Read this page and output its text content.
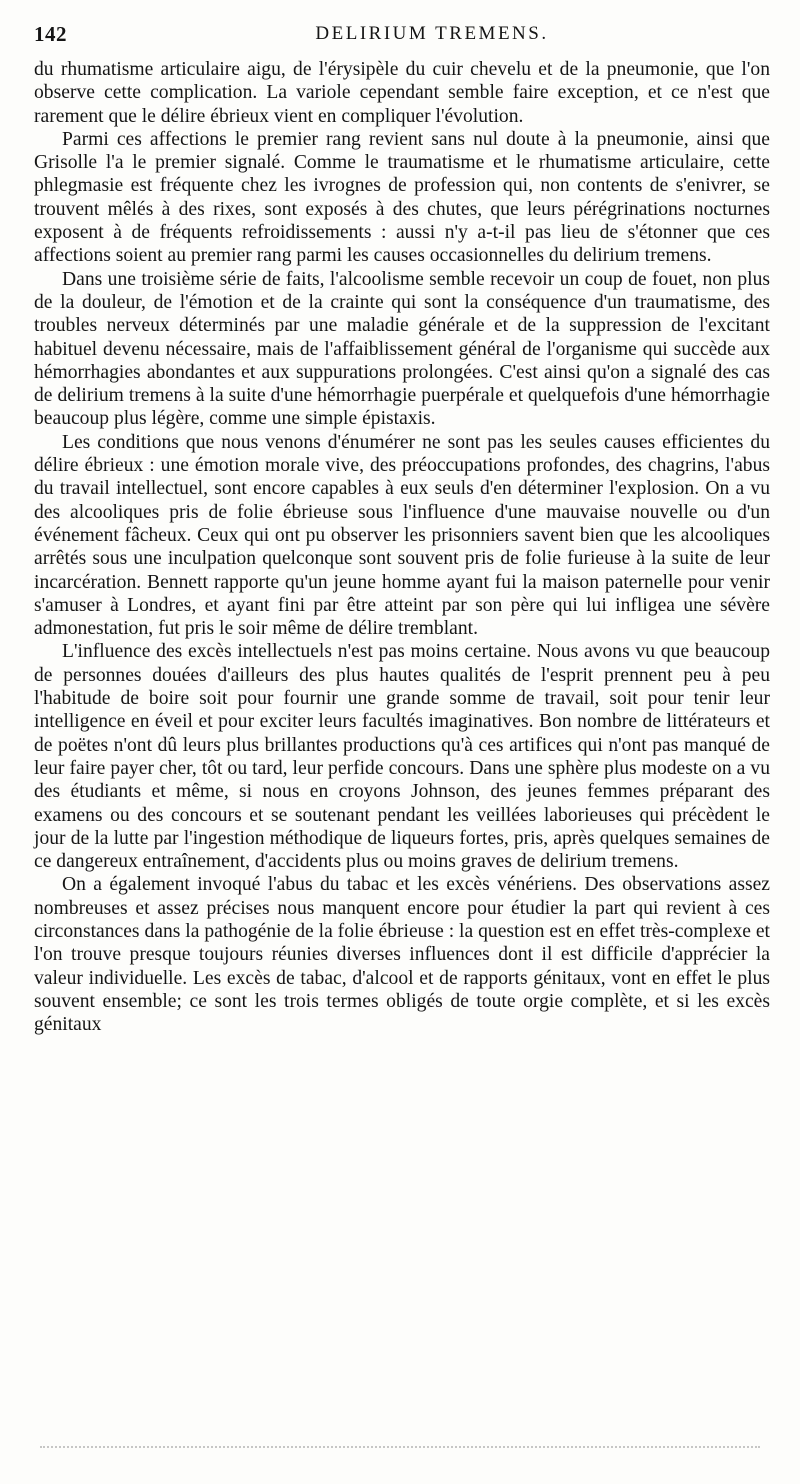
142	DELIRIUM TREMENS.

du rhumatisme articulaire aigu, de l'érysipèle du cuir chevelu et de la pneumonie, que l'on observe cette complication. La variole cependant semble faire exception, et ce n'est que rarement que le délire ébrieux vient en compliquer l'évolution.

Parmi ces affections le premier rang revient sans nul doute à la pneumonie, ainsi que Grisolle l'a le premier signalé. Comme le traumatisme et le rhumatisme articulaire, cette phlegmasie est fréquente chez les ivrognes de profession qui, non contents de s'enivrer, se trouvent mêlés à des rixes, sont exposés à des chutes, que leurs pérégrinations nocturnes exposent à de fréquents refroidissements : aussi n'y a-t-il pas lieu de s'étonner que ces affections soient au premier rang parmi les causes occasionnelles du delirium tremens.

Dans une troisième série de faits, l'alcoolisme semble recevoir un coup de fouet, non plus de la douleur, de l'émotion et de la crainte qui sont la conséquence d'un traumatisme, des troubles nerveux déterminés par une maladie générale et de la suppression de l'excitant habituel devenu nécessaire, mais de l'affaiblissement général de l'organisme qui succède aux hémorrhagies abondantes et aux suppurations prolongées. C'est ainsi qu'on a signalé des cas de delirium tremens à la suite d'une hémorrhagie puerpérale et quelquefois d'une hémorrhagie beaucoup plus légère, comme une simple épistaxis.

Les conditions que nous venons d'énumérer ne sont pas les seules causes efficientes du délire ébrieux : une émotion morale vive, des préoccupations profondes, des chagrins, l'abus du travail intellectuel, sont encore capables à eux seuls d'en déterminer l'explosion. On a vu des alcooliques pris de folie ébrieuse sous l'influence d'une mauvaise nouvelle ou d'un événement fâcheux. Ceux qui ont pu observer les prisonniers savent bien que les alcooliques arrêtés sous une inculpation quelconque sont souvent pris de folie furieuse à la suite de leur incarcération. Bennett rapporte qu'un jeune homme ayant fui la maison paternelle pour venir s'amuser à Londres, et ayant fini par être atteint par son père qui lui infligea une sévère admonestation, fut pris le soir même de délire tremblant.

L'influence des excès intellectuels n'est pas moins certaine. Nous avons vu que beaucoup de personnes douées d'ailleurs des plus hautes qualités de l'esprit prennent peu à peu l'habitude de boire soit pour fournir une grande somme de travail, soit pour tenir leur intelligence en éveil et pour exciter leurs facultés imaginatives. Bon nombre de littérateurs et de poëtes n'ont dû leurs plus brillantes productions qu'à ces artifices qui n'ont pas manqué de leur faire payer cher, tôt ou tard, leur perfide concours. Dans une sphère plus modeste on a vu des étudiants et même, si nous en croyons Johnson, des jeunes femmes préparant des examens ou des concours et se soutenant pendant les veillées laborieuses qui précèdent le jour de la lutte par l'ingestion méthodique de liqueurs fortes, pris, après quelques semaines de ce dangereux entraînement, d'accidents plus ou moins graves de delirium tremens.

On a également invoqué l'abus du tabac et les excès vénériens. Des observations assez nombreuses et assez précises nous manquent encore pour étudier la part qui revient à ces circonstances dans la pathogénie de la folie ébrieuse : la question est en effet très-complexe et l'on trouve presque toujours réunies diverses influences dont il est difficile d'apprécier la valeur individuelle. Les excès de tabac, d'alcool et de rapports génitaux, vont en effet le plus souvent ensemble; ce sont les trois termes obligés de toute orgie complète, et si les excès génitaux
